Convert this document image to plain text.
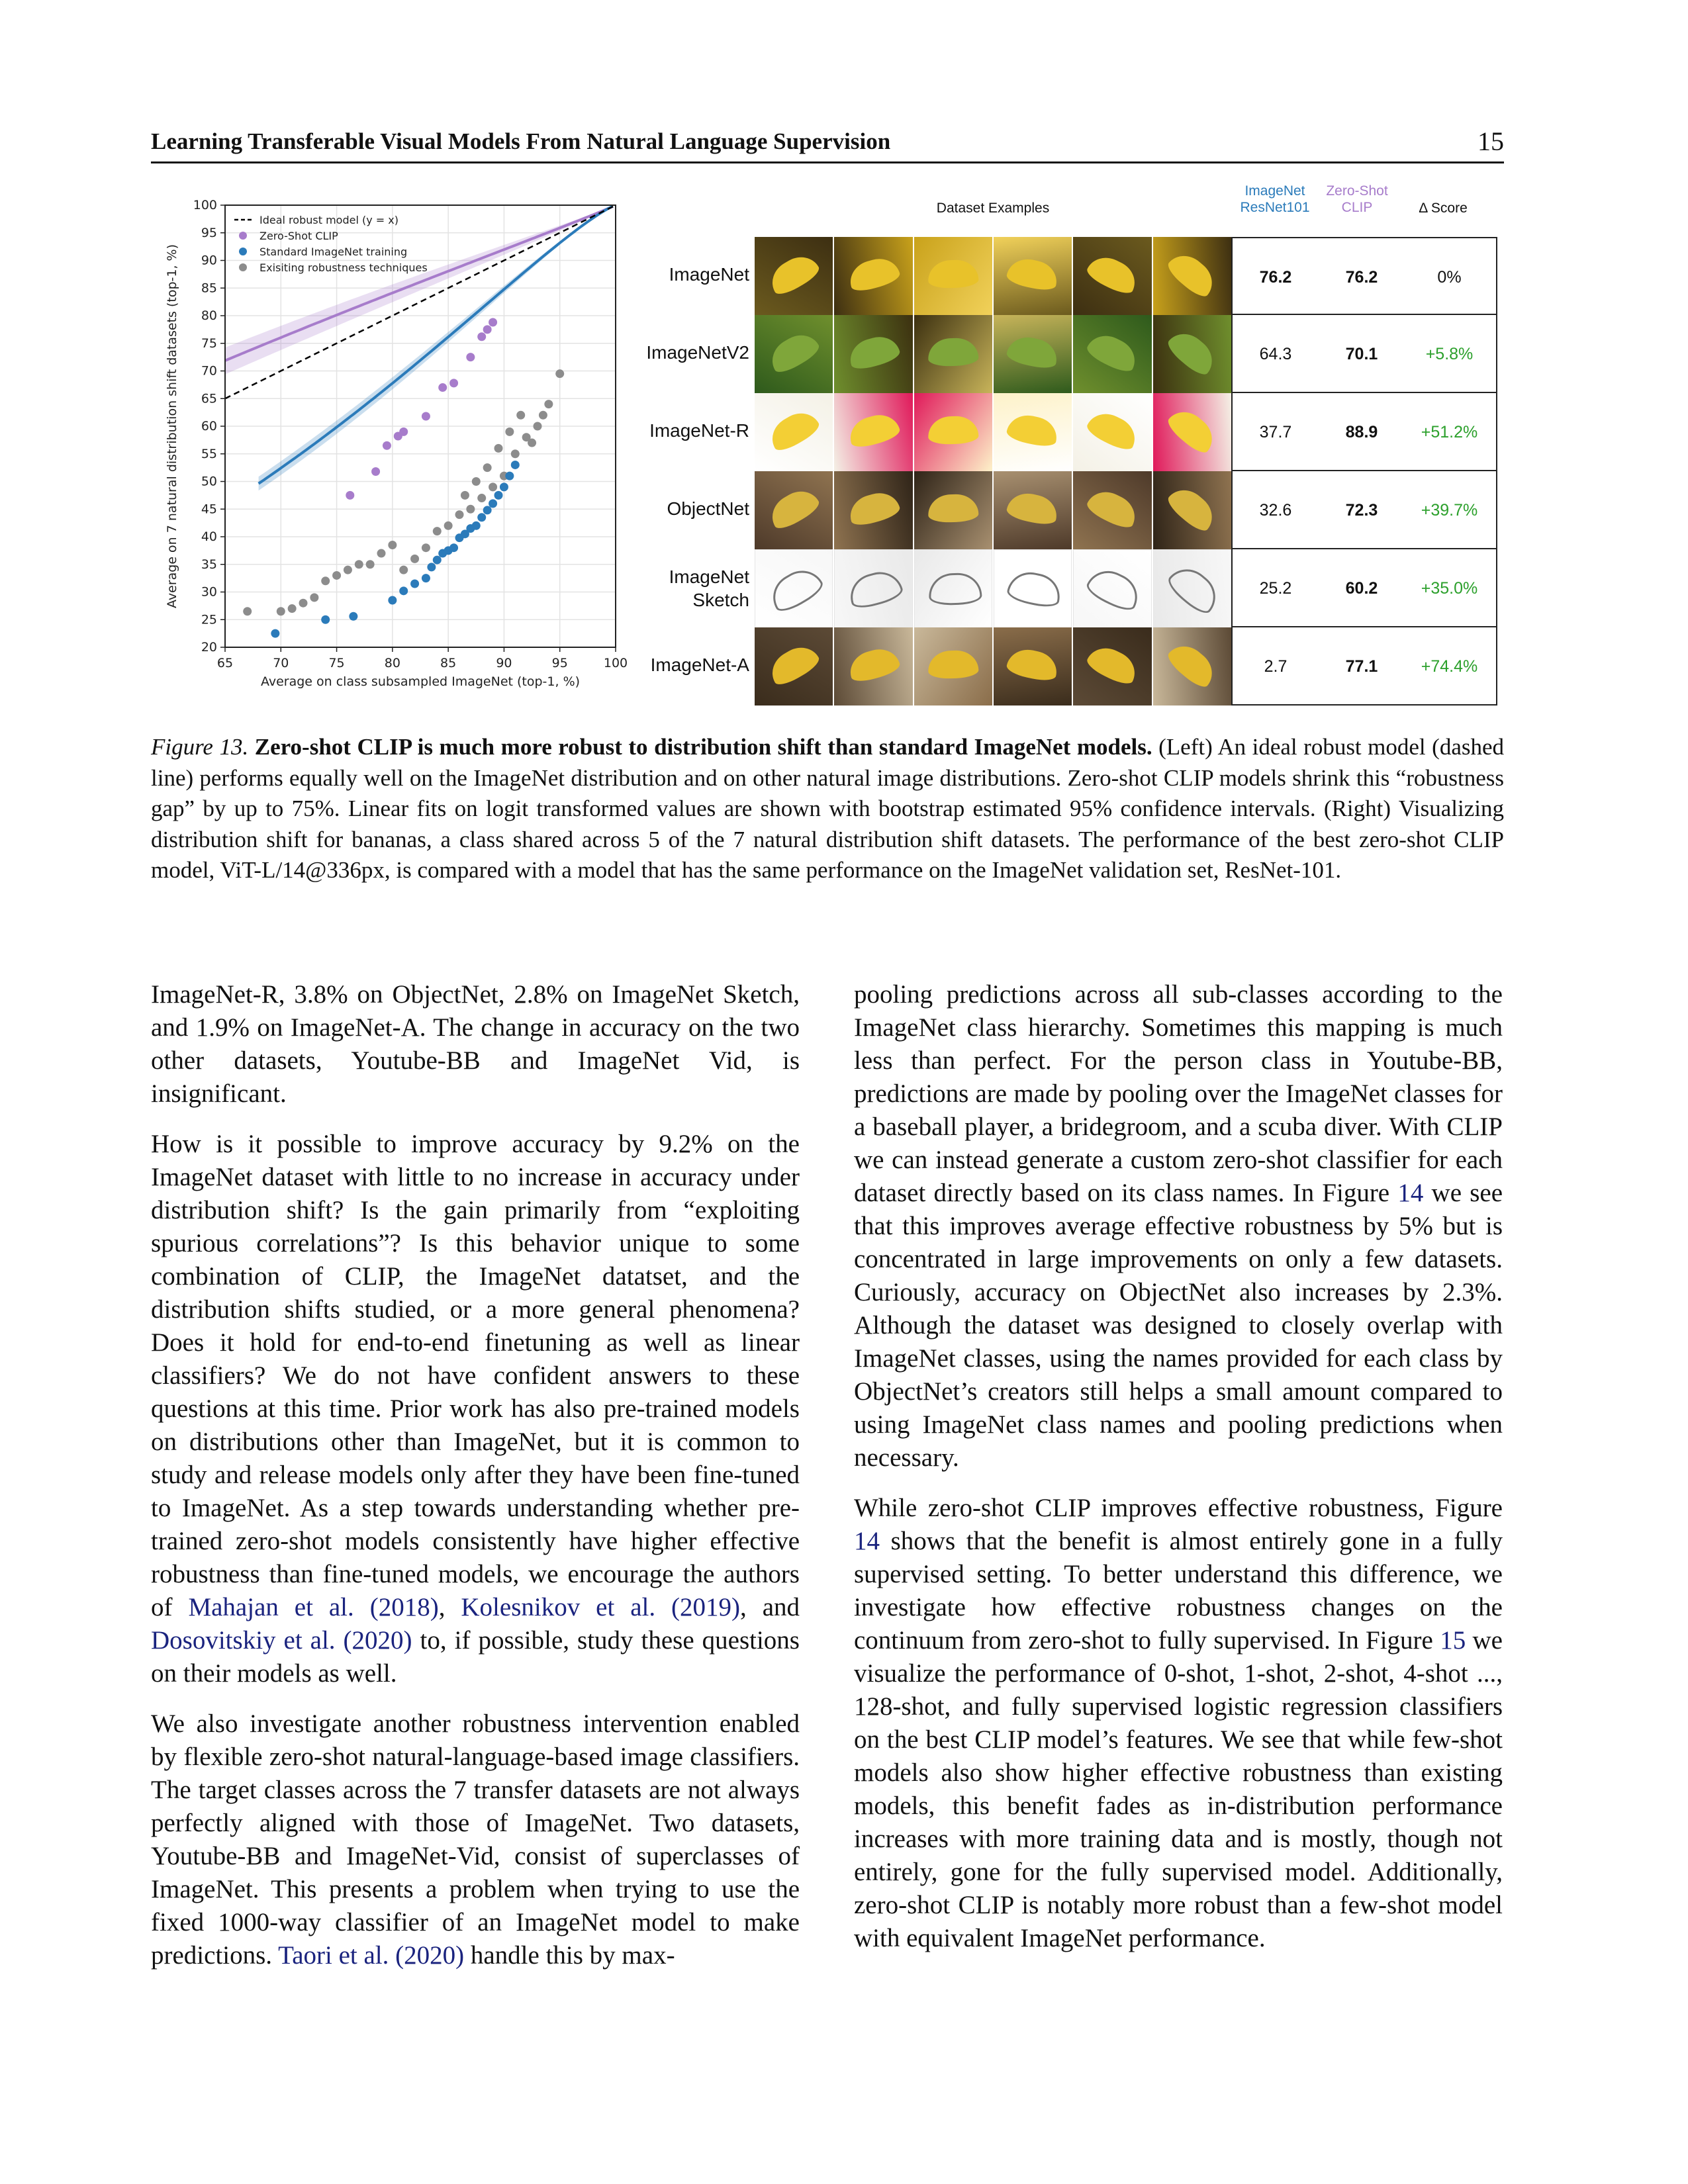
Learning Transferable Visual Models From Natural Language Supervision	15
65	70	75	80	85	90	95	100
20
25
30
35
40
45
50
55
60
65
70
75
80
85
90
95
100
Average on class subsampled ImageNet (top-1, %)
Average on 7 natural distribution shift datasets (top-1, %)
Ideal robust model (y = x)
Zero-Shot CLIP
Standard ImageNet training
Exisiting robustness techniques
Dataset Examples
ImageNet ResNet101
Zero-Shot CLIP	Δ Score
ImageNet	76.2	76.2	0%
ImageNetV2	64.3	70.1	+5.8%
ImageNet-R	37.7	88.9	+51.2%
ObjectNet	32.6	72.3	+39.7%
ImageNet Sketch
25.2	60.2	+35.0%
ImageNet-A	2.7	77.1	+74.4%
Figure 13. Zero-shot CLIP is much more robust to distribution shift than standard ImageNet models. (Left) An ideal robust model (dashed line) performs equally well on the ImageNet distribution and on other natural image distributions. Zero-shot CLIP models shrink this “robustness gap” by up to 75%. Linear fits on logit transformed values are shown with bootstrap estimated 95% confidence intervals. (Right) Visualizing distribution shift for bananas, a class shared across 5 of the 7 natural distribution shift datasets. The performance of the best zero-shot CLIP model, ViT-L/14@336px, is compared with a model that has the same performance on the ImageNet validation set, ResNet-101.

ImageNet-R, 3.8% on ObjectNet, 2.8% on ImageNet Sketch, and 1.9% on ImageNet-A. The change in accuracy on the two other datasets, Youtube-BB and ImageNet Vid, is insignificant.

How is it possible to improve accuracy by 9.2% on the ImageNet dataset with little to no increase in accuracy under distribution shift? Is the gain primarily from “exploiting spurious correlations”? Is this behavior unique to some combination of CLIP, the ImageNet datatset, and the distribution shifts studied, or a more general phenomena? Does it hold for end-to-end finetuning as well as linear classifiers? We do not have confident answers to these questions at this time. Prior work has also pre-trained models on distributions other than ImageNet, but it is common to study and release models only after they have been fine-tuned to ImageNet. As a step towards understanding whether pre-trained zero-shot models consistently have higher effective robustness than fine-tuned models, we encourage the authors of Mahajan et al. (2018), Kolesnikov et al. (2019), and Dosovitskiy et al. (2020) to, if possible, study these questions on their models as well.

We also investigate another robustness intervention enabled by flexible zero-shot natural-language-based image classifiers. The target classes across the 7 transfer datasets are not always perfectly aligned with those of ImageNet. Two datasets, Youtube-BB and ImageNet-Vid, consist of superclasses of ImageNet. This presents a problem when trying to use the fixed 1000-way classifier of an ImageNet model to make predictions. Taori et al. (2020) handle this by max-

pooling predictions across all sub-classes according to the ImageNet class hierarchy. Sometimes this mapping is much less than perfect. For the person class in Youtube-BB, predictions are made by pooling over the ImageNet classes for a baseball player, a bridegroom, and a scuba diver. With CLIP we can instead generate a custom zero-shot classifier for each dataset directly based on its class names. In Figure 14 we see that this improves average effective robustness by 5% but is concentrated in large improvements on only a few datasets. Curiously, accuracy on ObjectNet also increases by 2.3%. Although the dataset was designed to closely overlap with ImageNet classes, using the names provided for each class by ObjectNet’s creators still helps a small amount compared to using ImageNet class names and pooling predictions when necessary.

While zero-shot CLIP improves effective robustness, Figure 14 shows that the benefit is almost entirely gone in a fully supervised setting. To better understand this difference, we investigate how effective robustness changes on the continuum from zero-shot to fully supervised. In Figure 15 we visualize the performance of 0-shot, 1-shot, 2-shot, 4-shot ..., 128-shot, and fully supervised logistic regression classifiers on the best CLIP model’s features. We see that while few-shot models also show higher effective robustness than existing models, this benefit fades as in-distribution performance increases with more training data and is mostly, though not entirely, gone for the fully supervised model. Additionally, zero-shot CLIP is notably more robust than a few-shot model with equivalent ImageNet performance.
